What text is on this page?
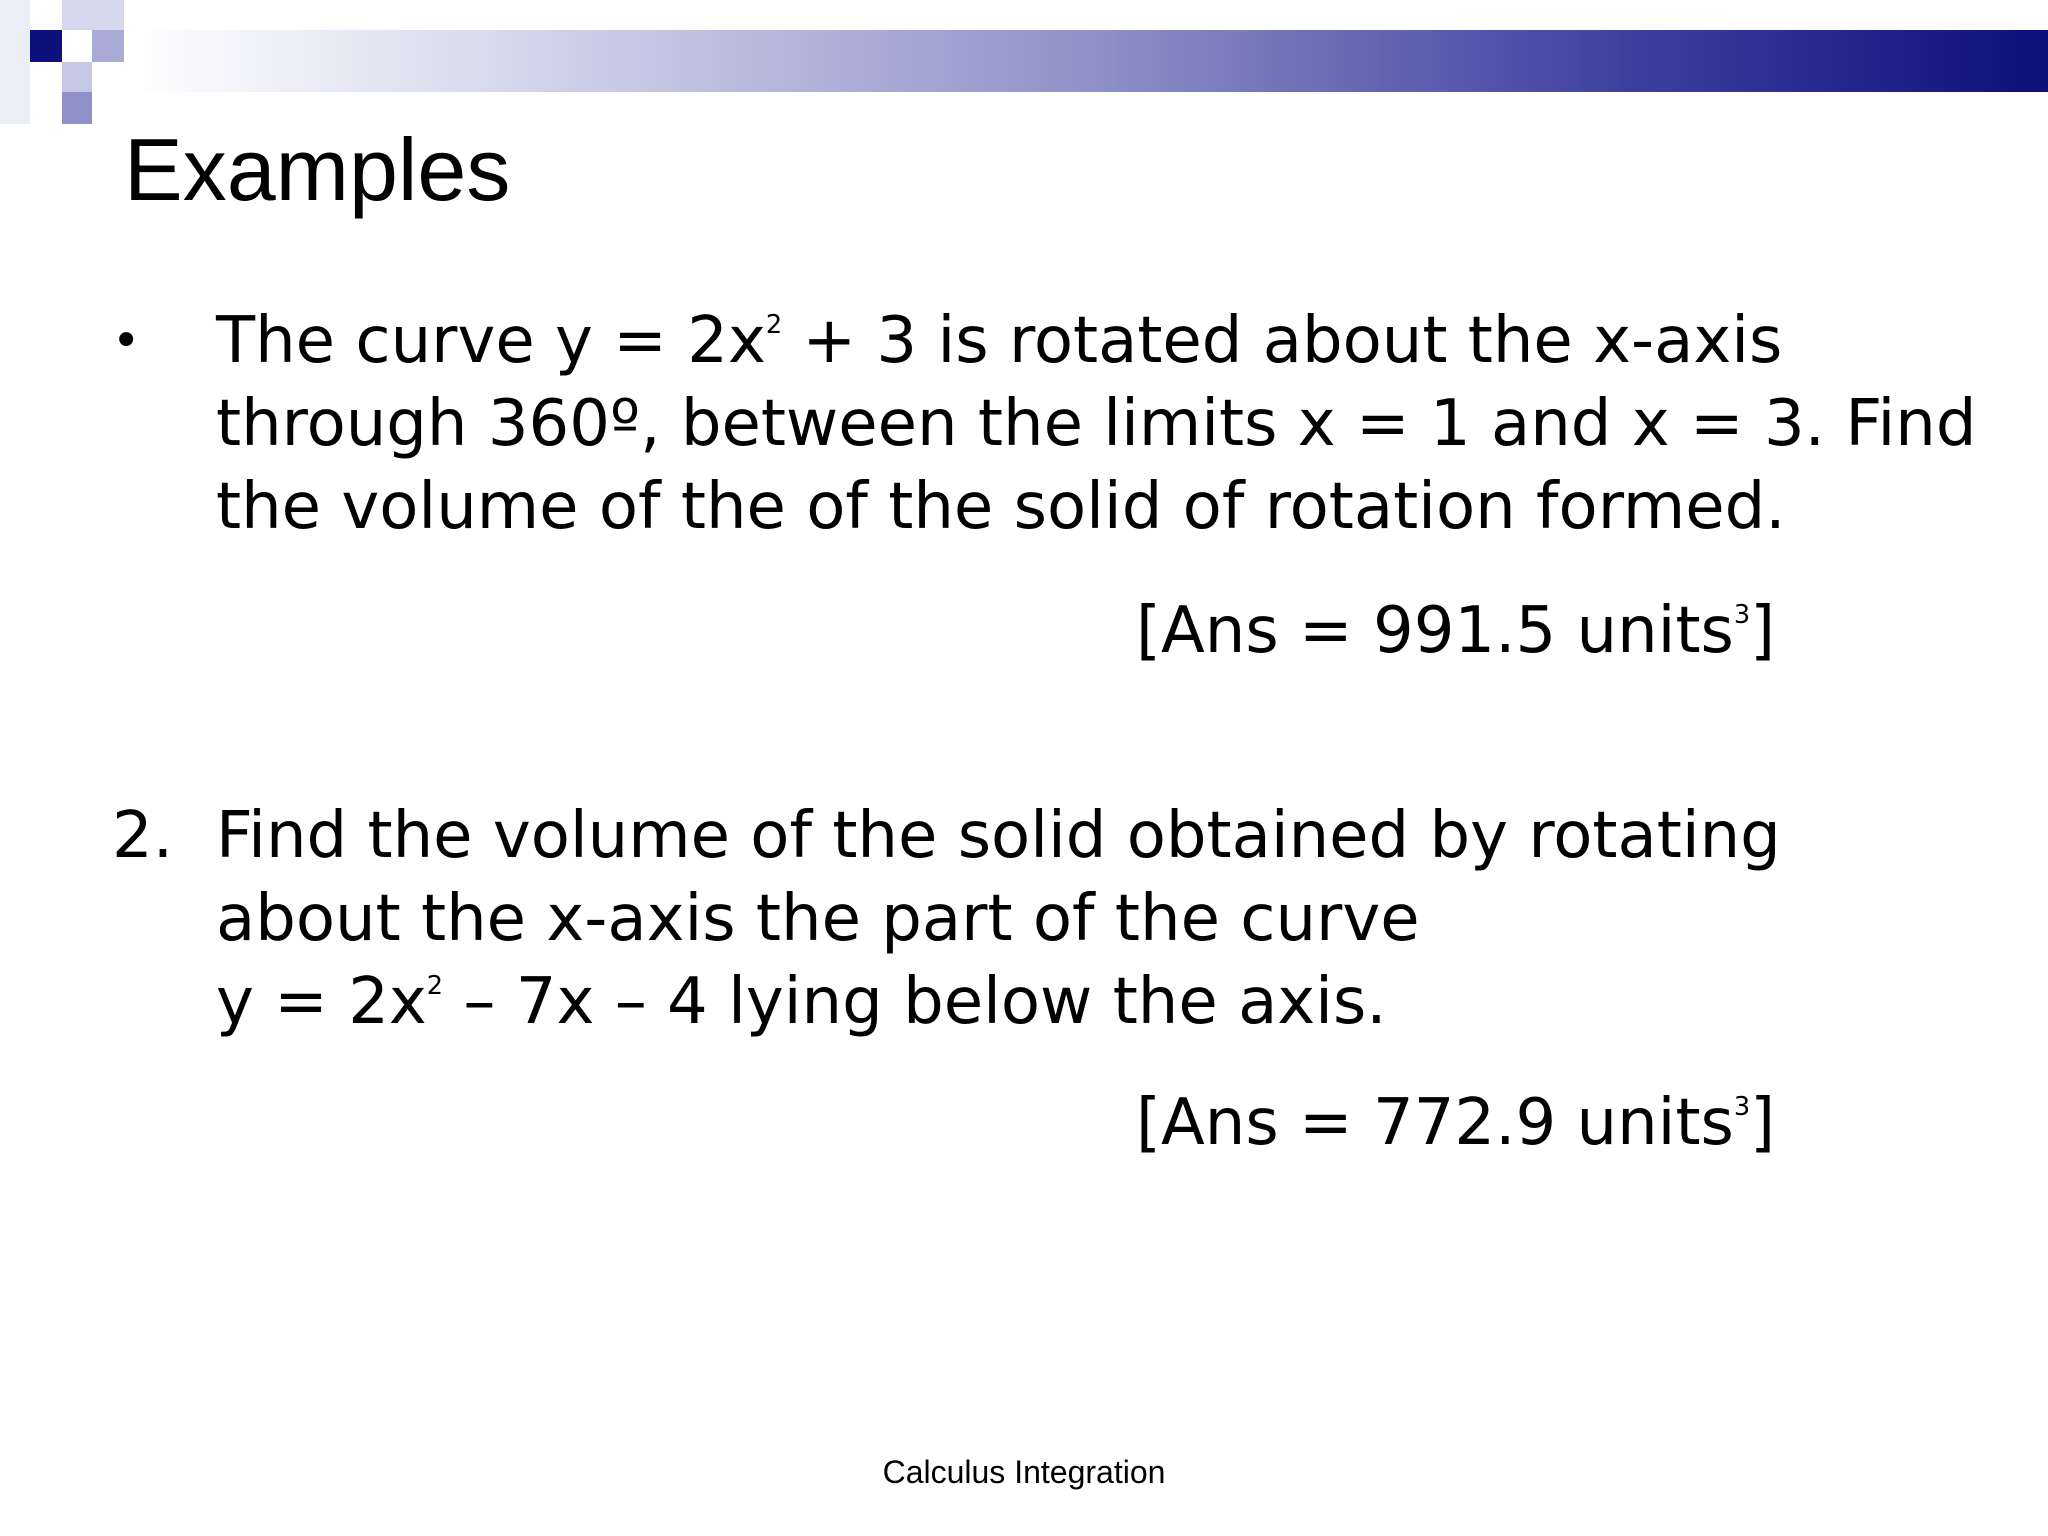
Examples
• The curve $y = 2x^2 + 3$ is rotated about the x-axis
through 360º, between the limits x = 1 and x = 3. Find
the volume of the of the solid of rotation formed.
[Ans = 991.5 units$^3$]
2. Find the volume of the solid obtained by rotating
about the x-axis the part of the curve
$y = 2x^2 - 7x - 4$ lying below the axis.
[Ans = 772.9 units$^3$]
Calculus Integration
